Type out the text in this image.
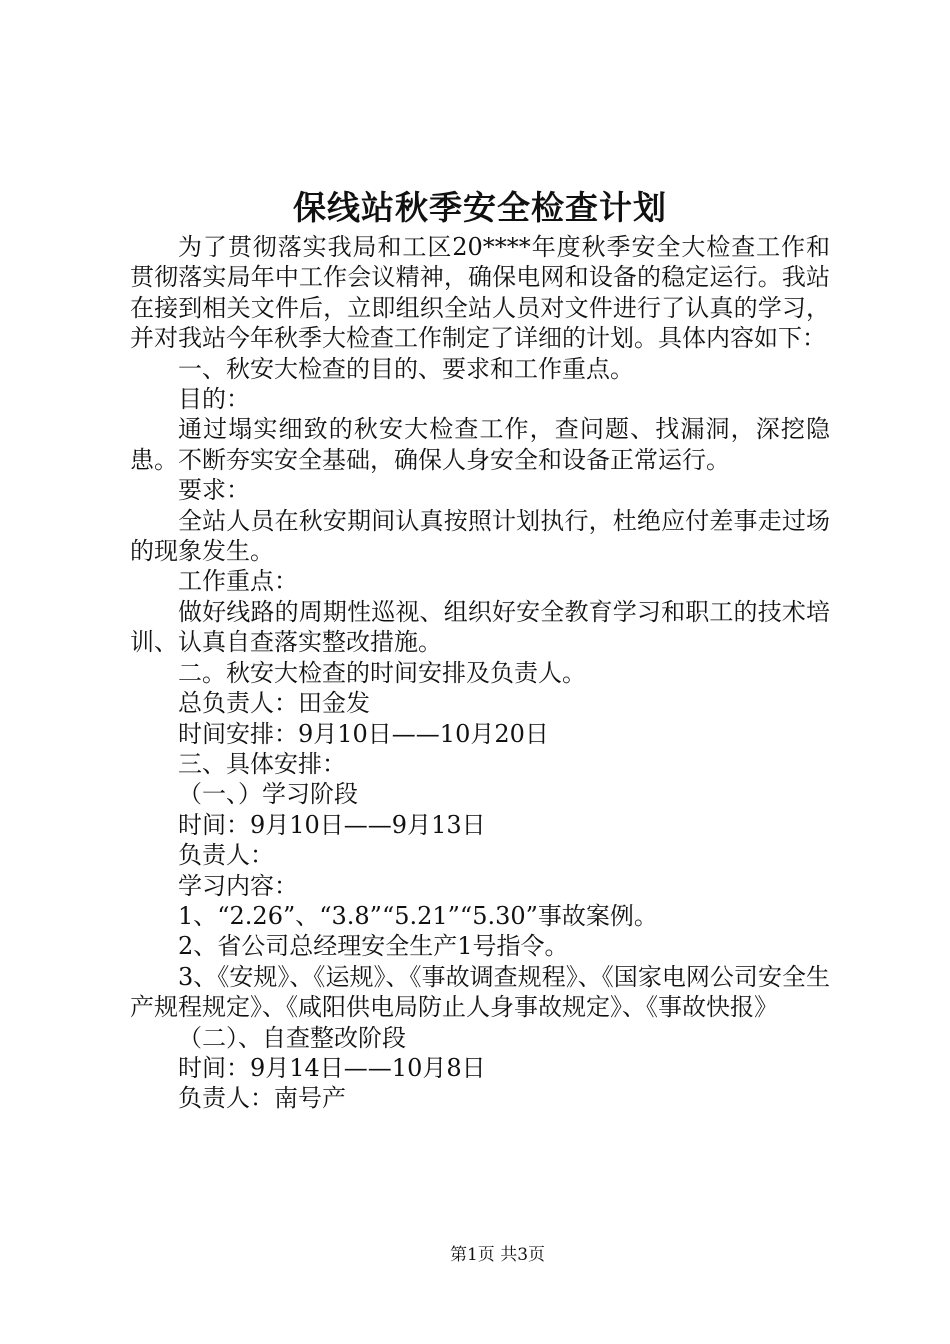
保线站秋季安全检查计划

为了贯彻落实我局和工区20****年度秋季安全大检查工作和贯彻落实局年中工作会议精神，确保电网和设备的稳定运行。我站在接到相关文件后，立即组织全站人员对文件进行了认真的学习，并对我站今年秋季大检查工作制定了详细的计划。具体内容如下：

一、秋安大检查的目的、要求和工作重点。

目的：

通过塌实细致的秋安大检查工作，查问题、找漏洞，深挖隐患。不断夯实安全基础，确保人身安全和设备正常运行。

要求：

全站人员在秋安期间认真按照计划执行，杜绝应付差事走过场的现象发生。

工作重点：

做好线路的周期性巡视、组织好安全教育学习和职工的技术培训、认真自查落实整改措施。

二。秋安大检查的时间安排及负责人。

总负责人：田金发

时间安排：9月10日——10月20日

三、具体安排：

（一、）学习阶段

时间：9月10日——9月13日

负责人：

学习内容：

1、“2.26”、“3.8”“5.21”“5.30”事故案例。

2、省公司总经理安全生产1号指令。

3、《安规》、《运规》、《事故调查规程》、《国家电网公司安全生产规程规定》、《咸阳供电局防止人身事故规定》、《事故快报》

（二）、自查整改阶段

时间：9月14日——10月8日

负责人：南号产

第1页 共3页
